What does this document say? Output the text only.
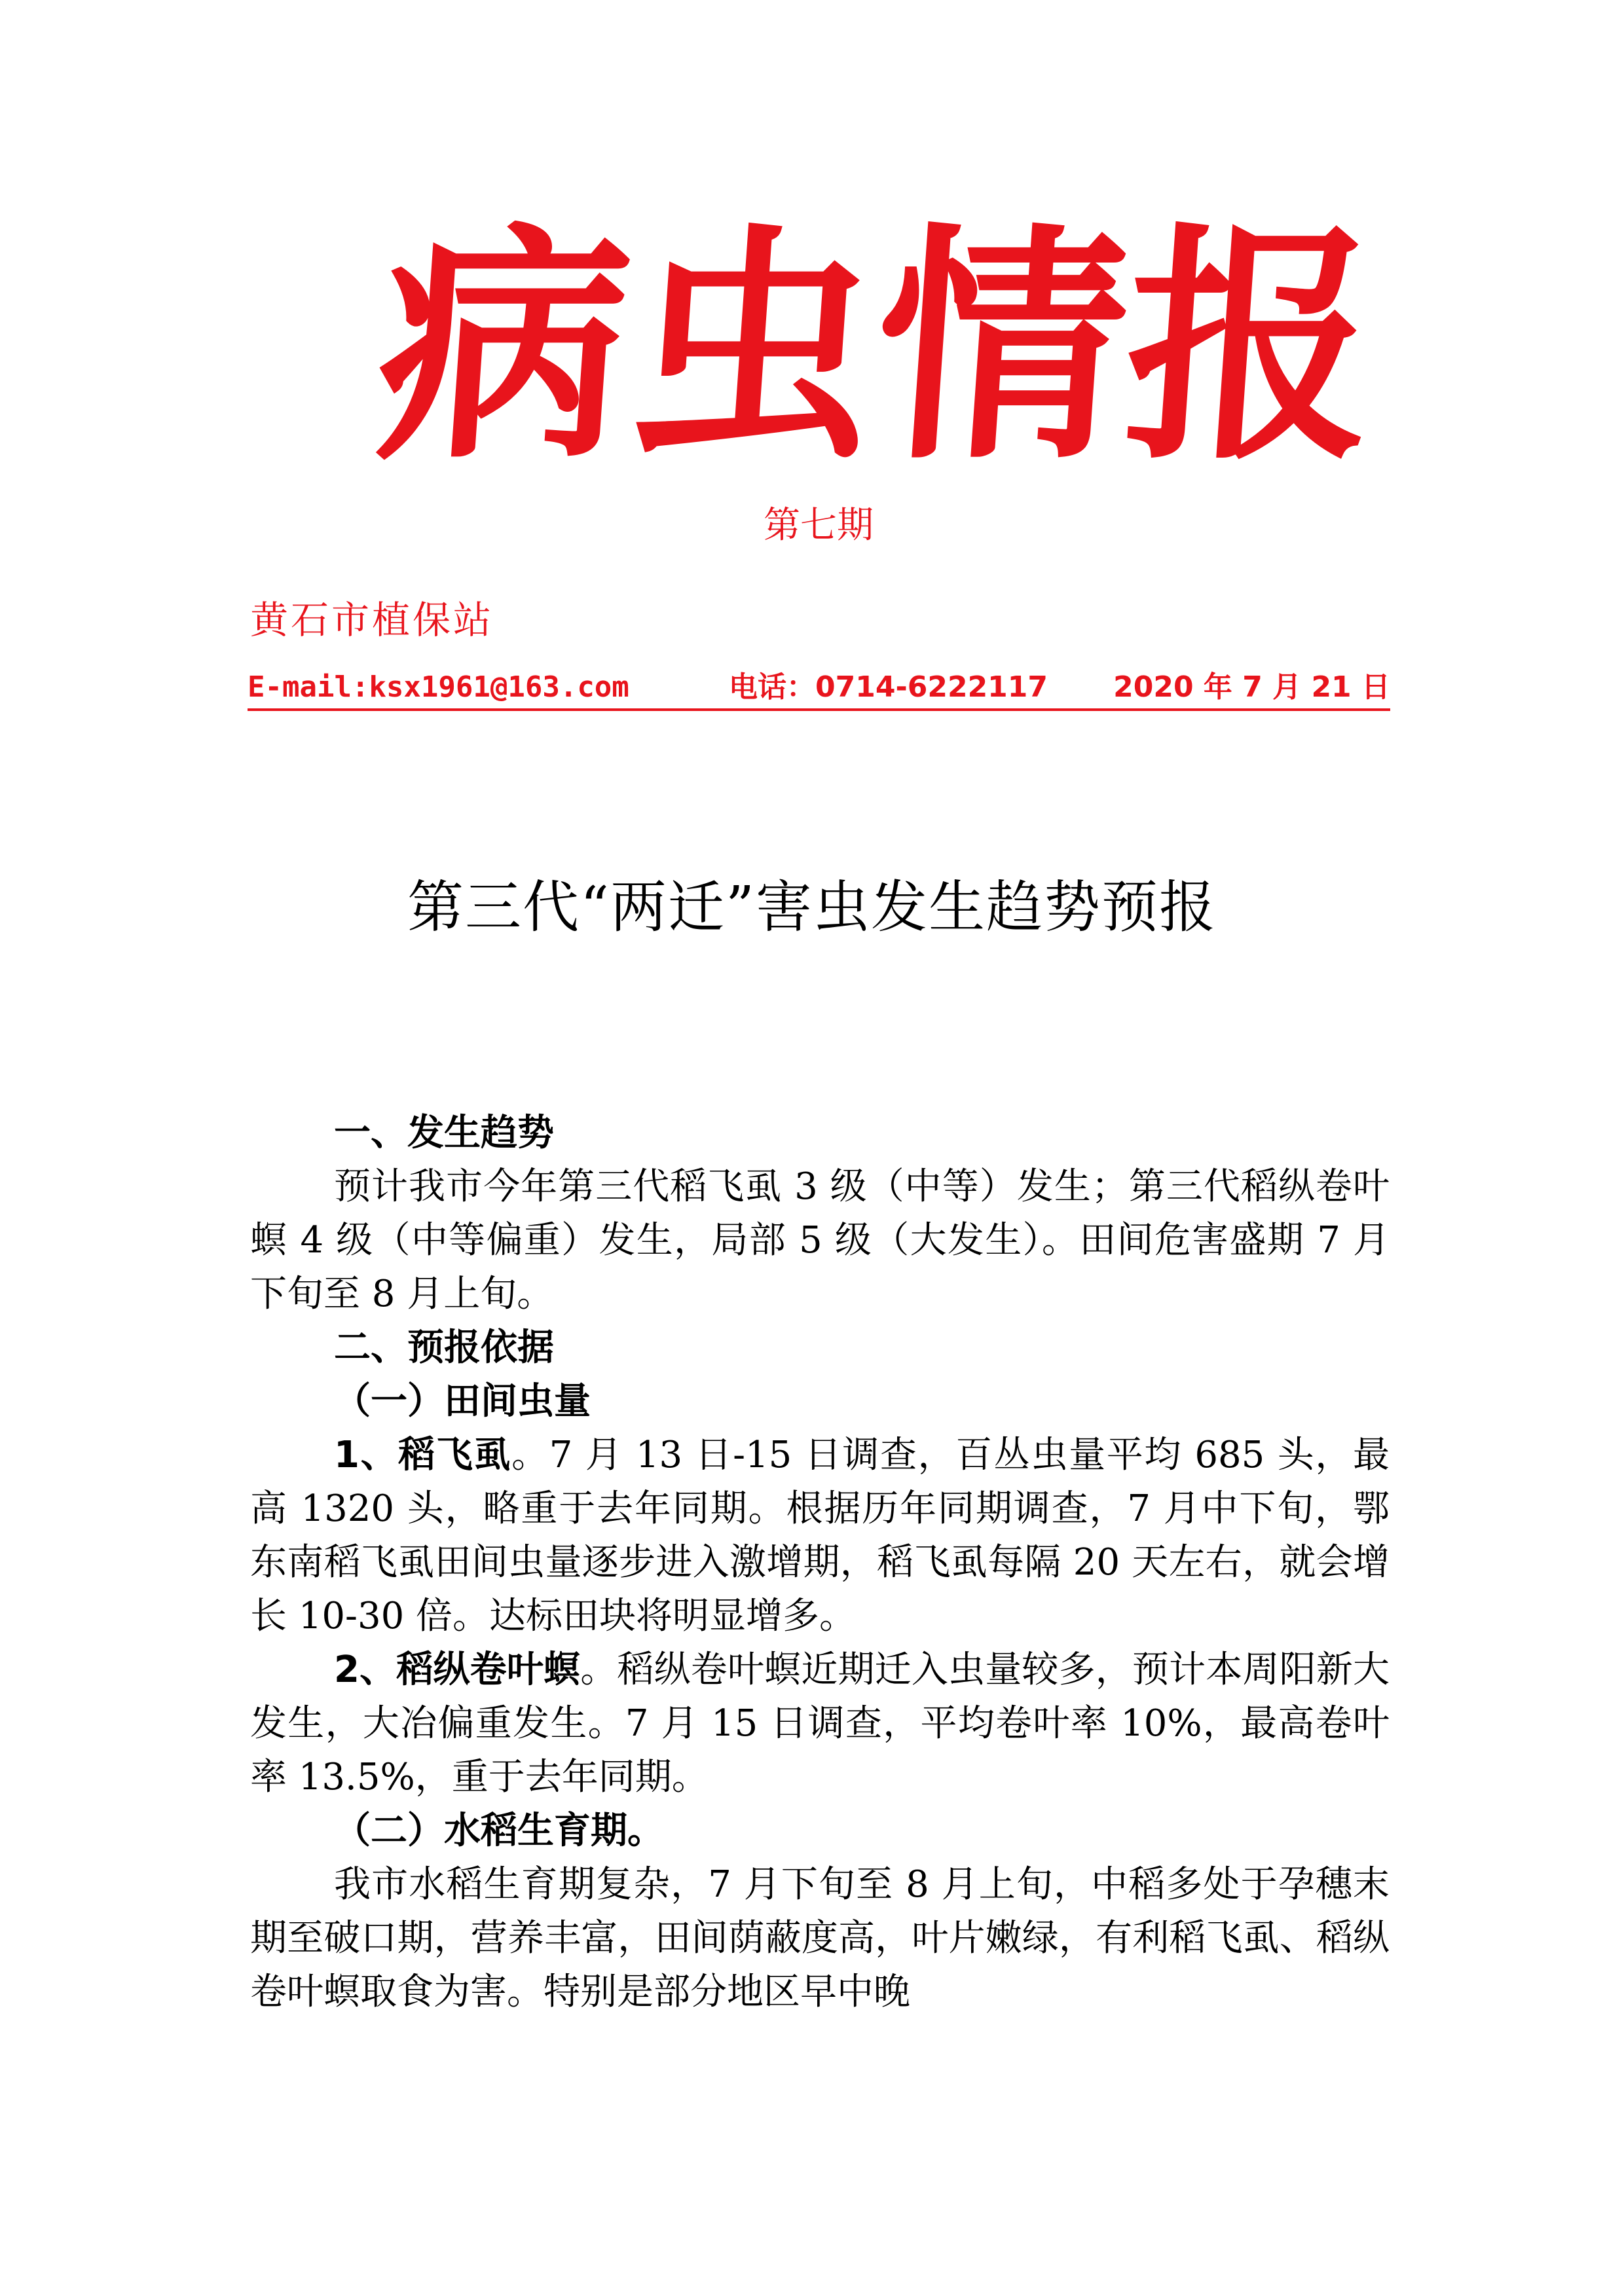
病
虫
情
报
第七期
黄石市植保站
E-mail:ksx1961@163.com	电话：0714-6222117 2020 年 7 月 21 日
第三代“两迁”害虫发生趋势预报

一、发生趋势

预计我市今年第三代稻飞虱 3 级（中等）发生；第三代稻纵卷叶螟 4 级（中等偏重）发生，局部 5 级（大发生）。田间危害盛期 7 月下旬至 8 月上旬。

二、预报依据

（一）田间虫量

1、稻飞虱。7 月 13 日-15 日调查，百丛虫量平均 685 头，最高 1320 头，略重于去年同期。根据历年同期调查，7 月中下旬，鄂东南稻飞虱田间虫量逐步进入激增期，稻飞虱每隔 20 天左右，就会增长 10-30 倍。达标田块将明显增多。

2、稻纵卷叶螟。稻纵卷叶螟近期迁入虫量较多，预计本周阳新大发生，大冶偏重发生。7 月 15 日调查，平均卷叶率 10%，最高卷叶率 13.5%，重于去年同期。

（二）水稻生育期。

我市水稻生育期复杂，7 月下旬至 8 月上旬，中稻多处于孕穗末期至破口期，营养丰富，田间荫蔽度高，叶片嫩绿，有利稻飞虱、稻纵卷叶螟取食为害。特别是部分地区早中晚
